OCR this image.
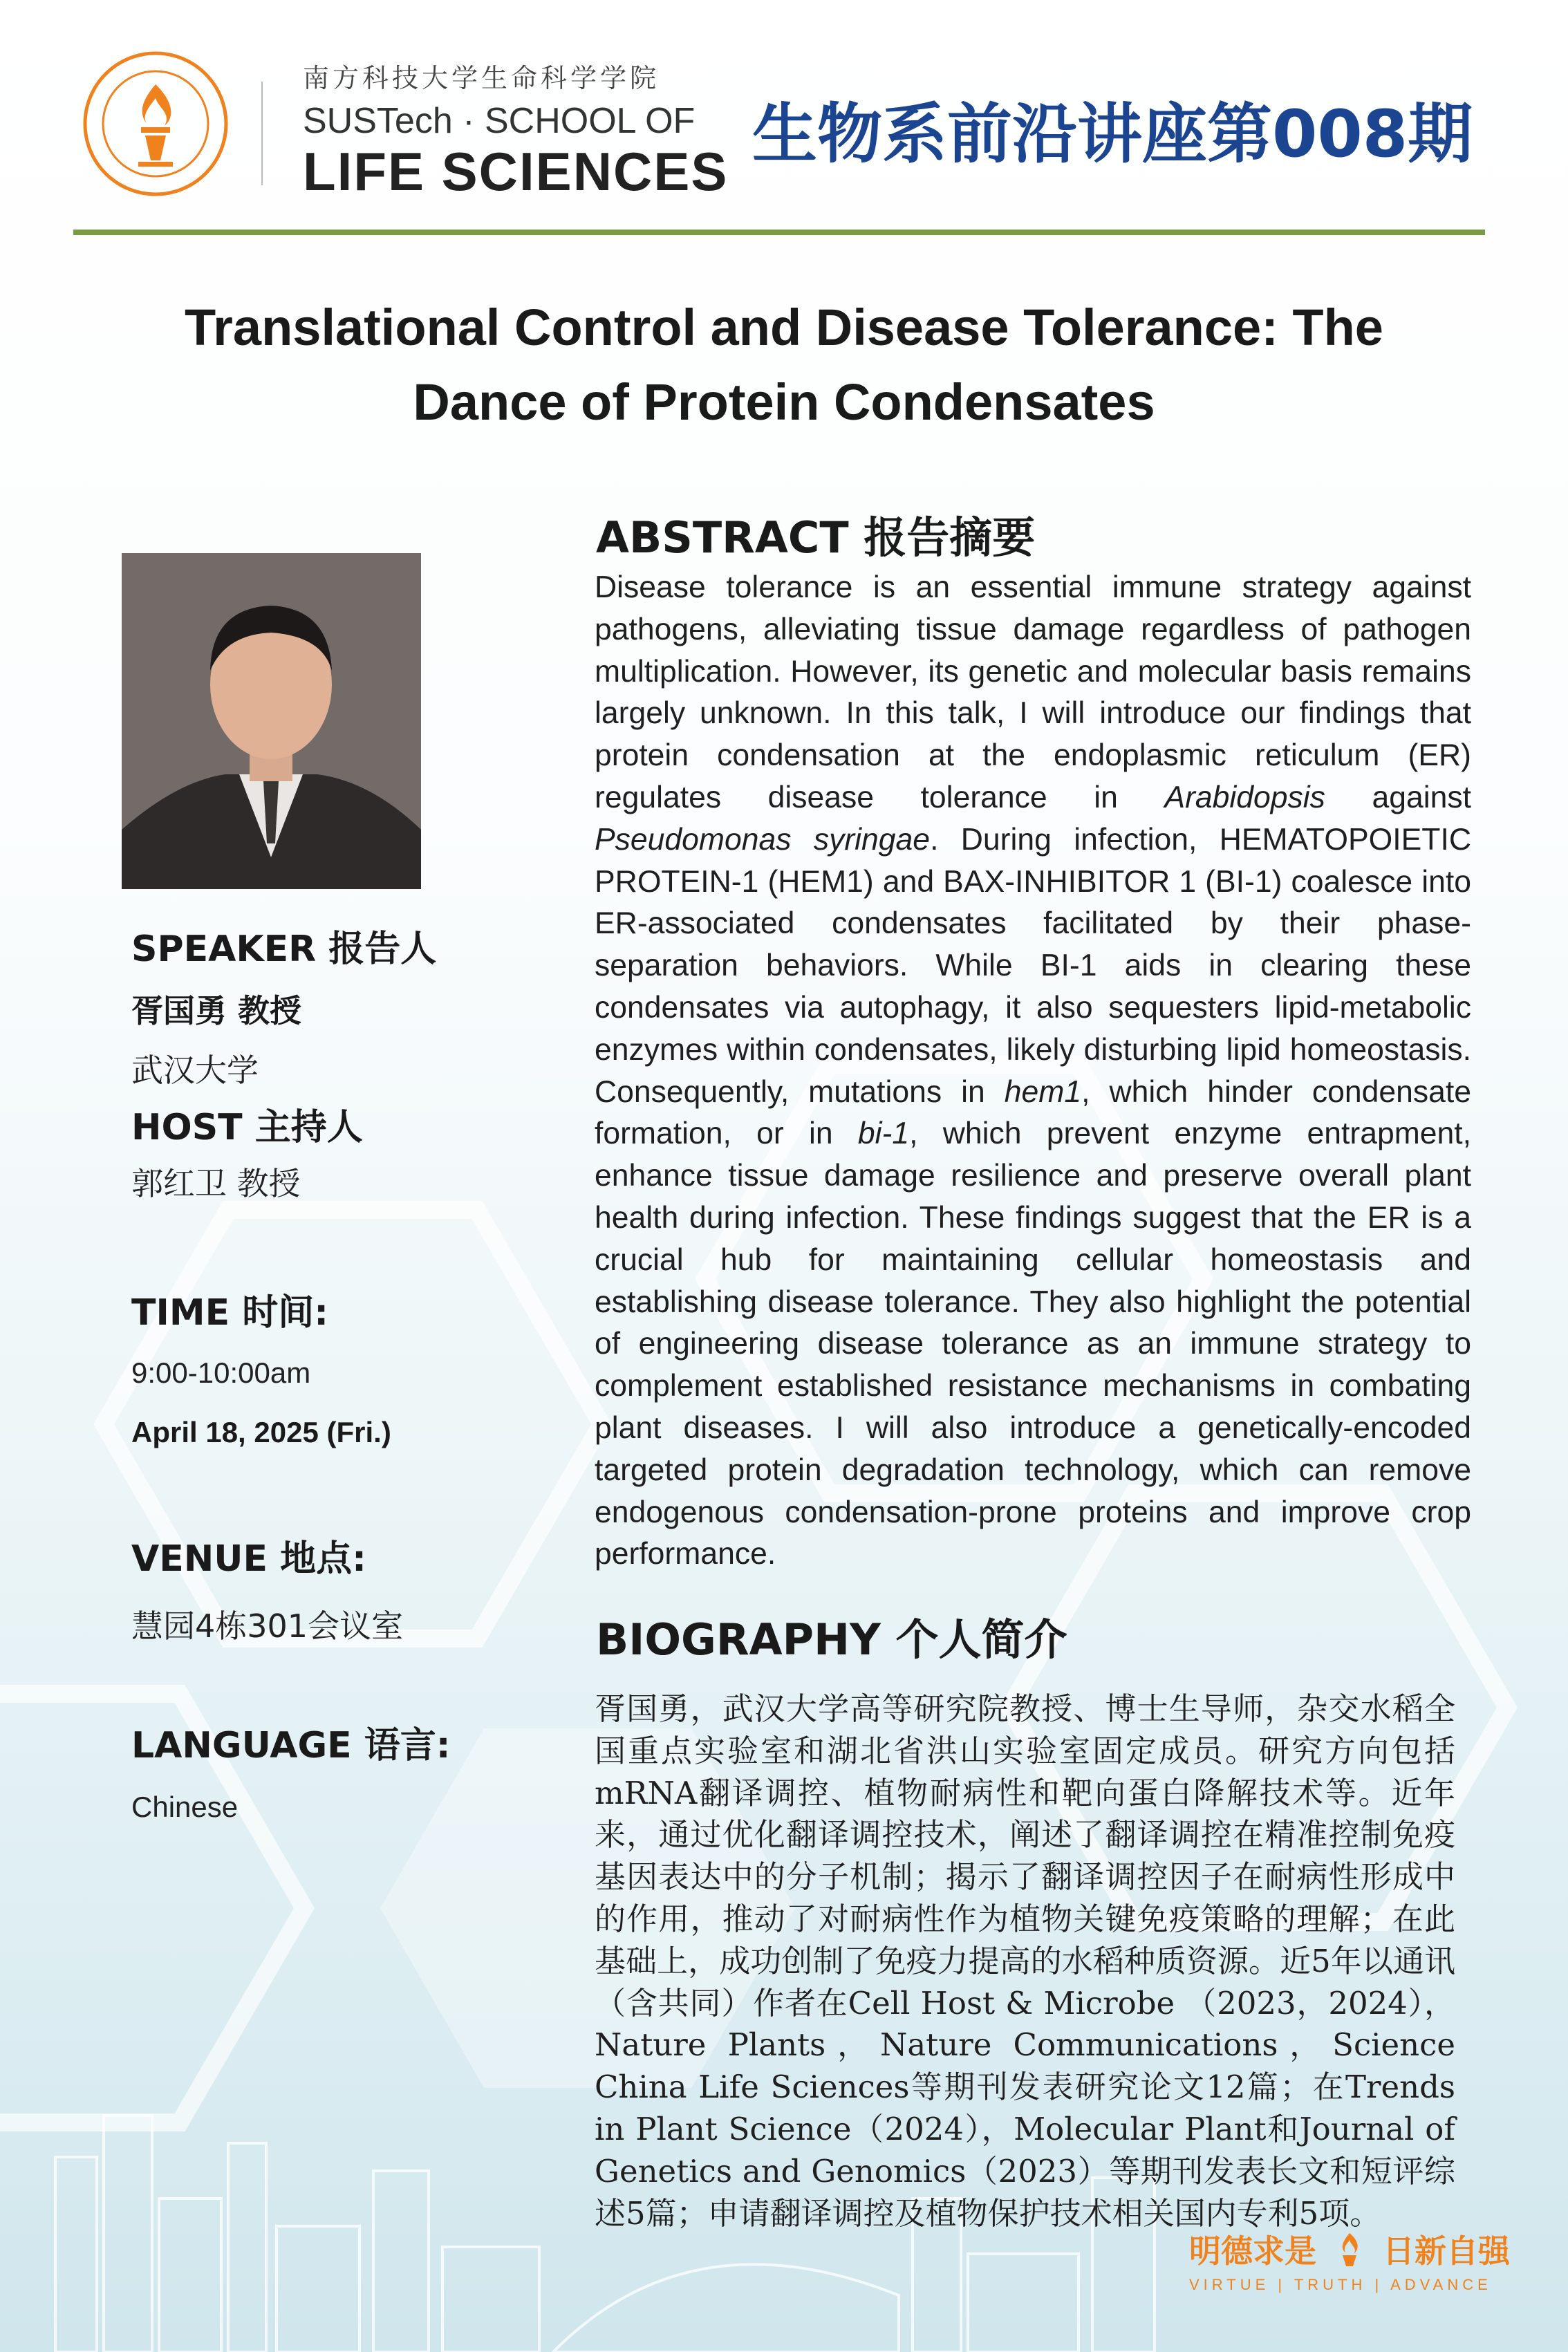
南方科技大学生命科学学院
SUSTech · SCHOOL OF
LIFE SCIENCES 生物系前沿讲座第008期
Translational Control and Disease Tolerance: The
Dance of Protein Condensates
SPEAKER 报告人
胥国勇 教授
武汉大学
HOST 主持人
郭红卫 教授
TIME 时间:
9:00-10:00am
April 18, 2025 (Fri.)
VENUE 地点:
慧园4栋301会议室
LANGUAGE 语言:
Chinese
ABSTRACT 报告摘要
Disease tolerance is an essential immune strategy against pathogens, alleviating tissue damage regardless of pathogen multiplication. However, its genetic and molecular basis remains largely unknown. In this talk, I will introduce our findings that protein condensation at the endoplasmic reticulum (ER) regulates disease tolerance in Arabidopsis against Pseudomonas syringae. During infection, HEMATOPOIETIC PROTEIN-1 (HEM1) and BAX-INHIBITOR 1 (BI-1) coalesce into ER-associated condensates facilitated by their phase-separation behaviors. While BI-1 aids in clearing these condensates via autophagy, it also sequesters lipid-metabolic enzymes within condensates, likely disturbing lipid homeostasis. Consequently, mutations in hem1, which hinder condensate formation, or in bi-1, which prevent enzyme entrapment, enhance tissue damage resilience and preserve overall plant health during infection. These findings suggest that the ER is a crucial hub for maintaining cellular homeostasis and establishing disease tolerance. They also highlight the potential of engineering disease tolerance as an immune strategy to complement established resistance mechanisms in combating plant diseases. I will also introduce a genetically-encoded targeted protein degradation technology, which can remove endogenous condensation-prone proteins and improve crop performance.
BIOGRAPHY 个人简介
胥国勇，武汉大学高等研究院教授、博士生导师，杂交水稻全国重点实验室和湖北省洪山实验室固定成员。研究方向包括mRNA翻译调控、植物耐病性和靶向蛋白降解技术等。近年来，通过优化翻译调控技术，阐述了翻译调控在精准控制免疫基因表达中的分子机制；揭示了翻译调控因子在耐病性形成中的作用，推动了对耐病性作为植物关键免疫策略的理解；在此基础上，成功创制了免疫力提高的水稻种质资源。近5年以通讯（含共同）作者在Cell Host & Microbe （2023，2024），Nature Plants，Nature Communications，Science China Life Sciences等期刊发表研究论文12篇；在Trends in Plant Science（2024），Molecular Plant和Journal of Genetics and Genomics（2023）等期刊发表长文和短评综述5篇；申请翻译调控及植物保护技术相关国内专利5项。
明德求是 日新自强
VIRTUE | TRUTH | ADVANCE
